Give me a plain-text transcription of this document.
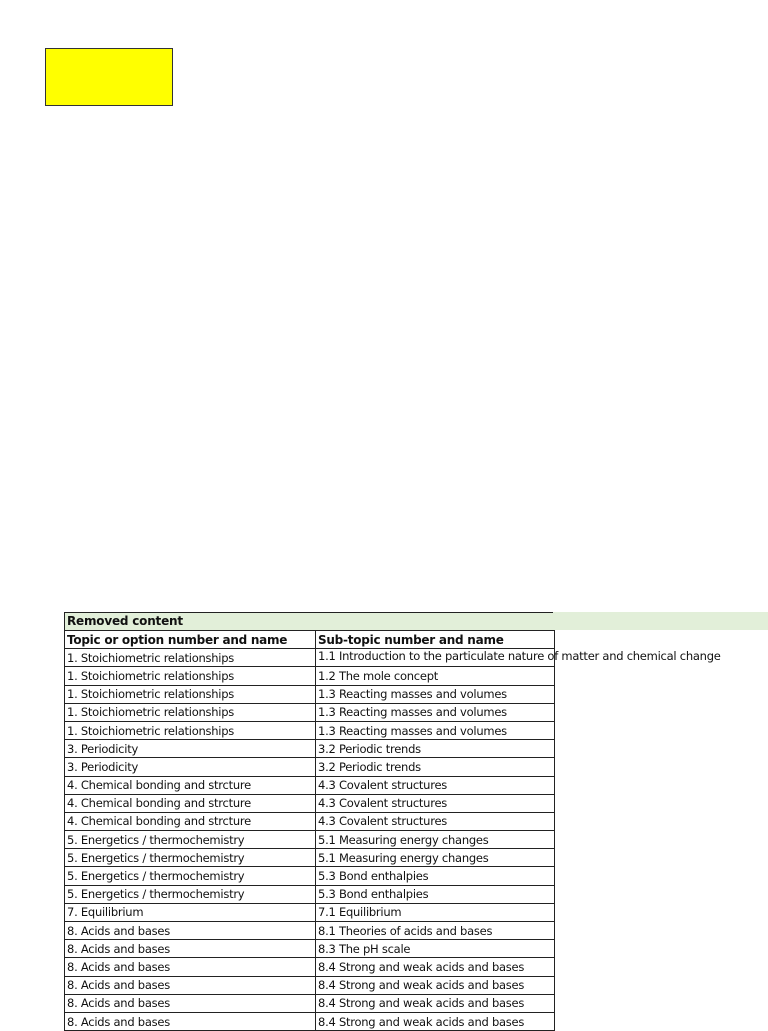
Removed content
Topic or option number and name	Sub-topic number and name
1. Stoichiometric relationships	1.1 Introduction to the particulate nature of matter and chemical change

1. Stoichiometric relationships	1.2 The mole concept
1. Stoichiometric relationships	1.3 Reacting masses and volumes
1. Stoichiometric relationships	1.3 Reacting masses and volumes
1. Stoichiometric relationships	1.3 Reacting masses and volumes
3. Periodicity	3.2 Periodic trends
3. Periodicity	3.2 Periodic trends
4. Chemical bonding and strcture	4.3 Covalent structures
4. Chemical bonding and strcture	4.3 Covalent structures
4. Chemical bonding and strcture	4.3 Covalent structures
5. Energetics / thermochemistry	5.1 Measuring energy changes
5. Energetics / thermochemistry	5.1 Measuring energy changes
5. Energetics / thermochemistry	5.3 Bond enthalpies
5. Energetics / thermochemistry	5.3 Bond enthalpies
7. Equilibrium	7.1 Equilibrium
8. Acids and bases	8.1 Theories of acids and bases
8. Acids and bases	8.3 The pH scale
8. Acids and bases	8.4 Strong and weak acids and bases
8. Acids and bases	8.4 Strong and weak acids and bases
8. Acids and bases	8.4 Strong and weak acids and bases
8. Acids and bases	8.4 Strong and weak acids and bases
